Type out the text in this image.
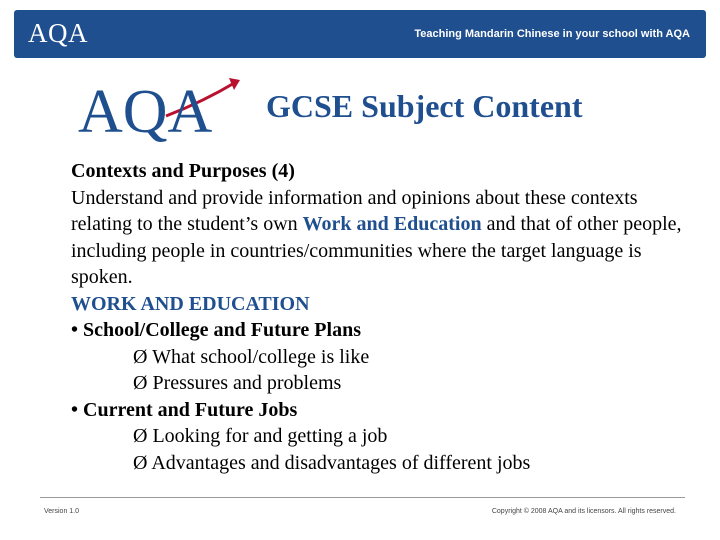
AQA	Teaching Mandarin Chinese in your school with AQA
AQA GCSE Subject Content

Contexts and Purposes (4)

Understand and provide information and opinions about these contexts relating to the student’s own Work and Education and that of other people, including people in countries/communities where the target language is spoken.

WORK AND EDUCATION

• School/College and Future Plans

Ø What school/college is like

Ø Pressures and problems

• Current and Future Jobs

Ø Looking for and getting a job

Ø Advantages and disadvantages of different jobs

Version 1.0	Copyright © 2008 AQA and its licensors. All rights reserved.
